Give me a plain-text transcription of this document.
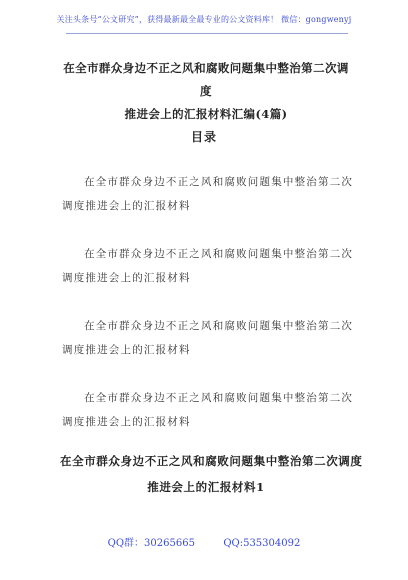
关注头条号“公文研究”，获得最新最全最专业的公文资料库！ 微信：gongwenyj
在全市群众身边不正之风和腐败问题集中整治第二次调度
推进会上的汇报材料汇编(4篇)
目录
在全市群众身边不正之风和腐败问题集中整治第二次
调度推进会上的汇报材料
在全市群众身边不正之风和腐败问题集中整治第二次
调度推进会上的汇报材料
在全市群众身边不正之风和腐败问题集中整治第二次
调度推进会上的汇报材料
在全市群众身边不正之风和腐败问题集中整治第二次
调度推进会上的汇报材料
在全市群众身边不正之风和腐败问题集中整治第二次调度
推进会上的汇报材料1
QQ群：30265665	QQ:535304092
